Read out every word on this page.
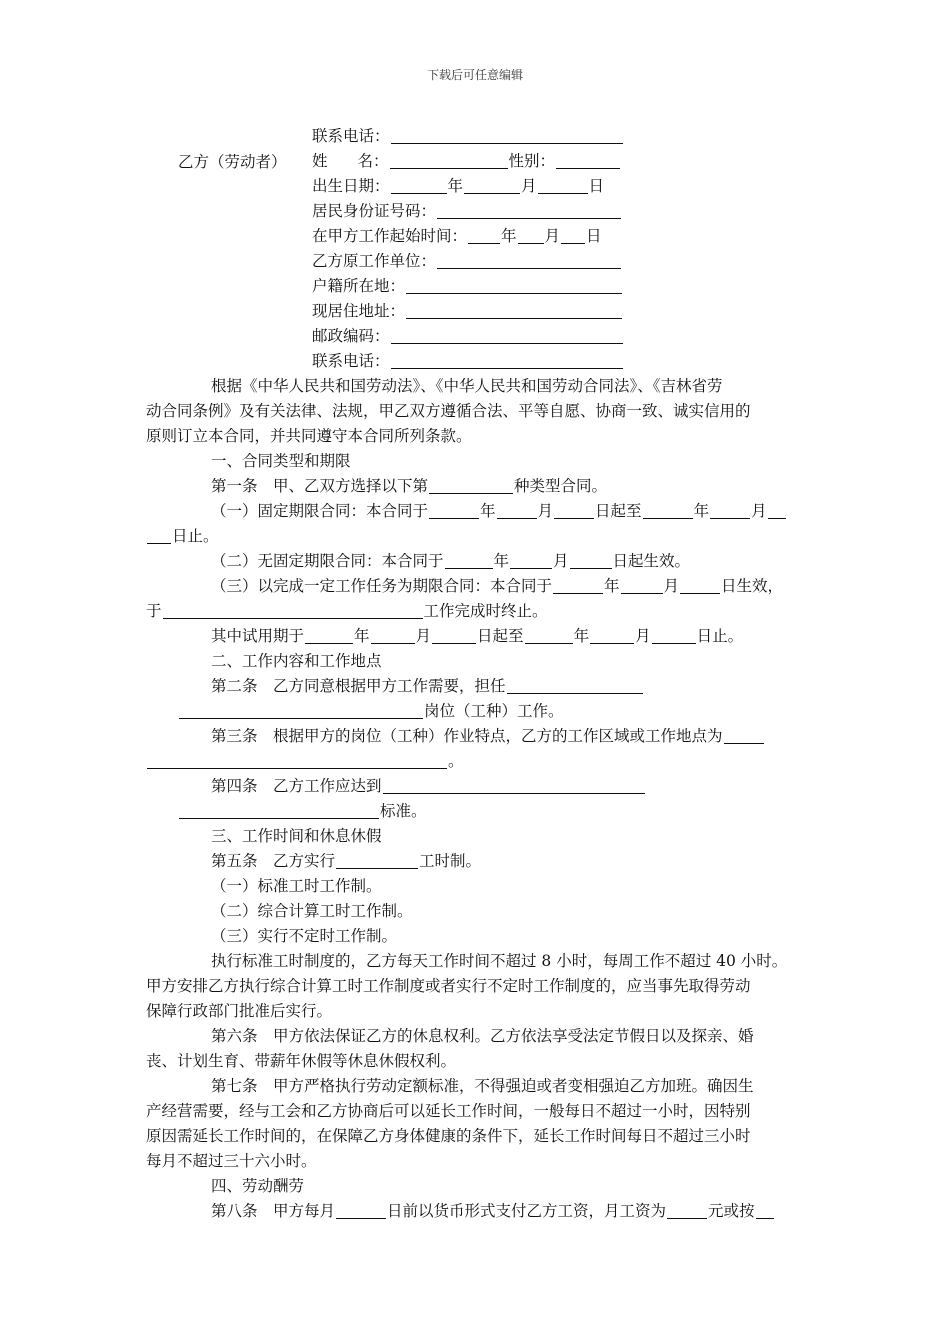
下载后可任意编辑
乙方（劳动者）
联系电话：
姓 名：	性别：
出生日期：	年	月	日
居民身份证号码：
在甲方工作起始时间： 年 月 日
乙方原工作单位：
户籍所在地：
现居住地址：
邮政编码：
联系电话：
根据《中华人民共和国劳动法》、《中华人民共和国劳动合同法》、《吉林省劳
动合同条例》及有关法律、法规，甲乙双方遵循合法、平等自愿、协商一致、诚实信用的
原则订立本合同，并共同遵守本合同所列条款。
一、合同类型和期限
第一条　甲、乙双方选择以下第	种类型合同。
（一）固定期限合同：本合同于	年	月	日起至	年	月
日止。
（二）无固定期限合同：本合同于	年	月	日起生效。
（三）以完成一定工作任务为期限合同：本合同于	年	月	日生效，
于	工作完成时终止。
其中试用期于	年	月	日起至	年	月	日止。
二、工作内容和工作地点
第二条　乙方同意根据甲方工作需要，担任
岗位（工种）工作。
第三条　根据甲方的岗位（工种）作业特点，乙方的工作区域或工作地点为
。
第四条　乙方工作应达到
标准。
三、工作时间和休息休假
第五条　乙方实行	工时制。
（一）标准工时工作制。
（二）综合计算工时工作制。
（三）实行不定时工作制。
执行标准工时制度的，乙方每天工作时间不超过 8 小时，每周工作不超过 40 小时。
甲方安排乙方执行综合计算工时工作制度或者实行不定时工作制度的，应当事先取得劳动
保障行政部门批准后实行。
第六条　甲方依法保证乙方的休息权利。乙方依法享受法定节假日以及探亲、婚
丧、计划生育、带薪年休假等休息休假权利。
第七条　甲方严格执行劳动定额标准，不得强迫或者变相强迫乙方加班。确因生
产经营需要，经与工会和乙方协商后可以延长工作时间，一般每日不超过一小时，因特别
原因需延长工作时间的，在保障乙方身体健康的条件下，延长工作时间每日不超过三小时
每月不超过三十六小时。
四、劳动酬劳
第八条　甲方每月	日前以货币形式支付乙方工资，月工资为	元或按
